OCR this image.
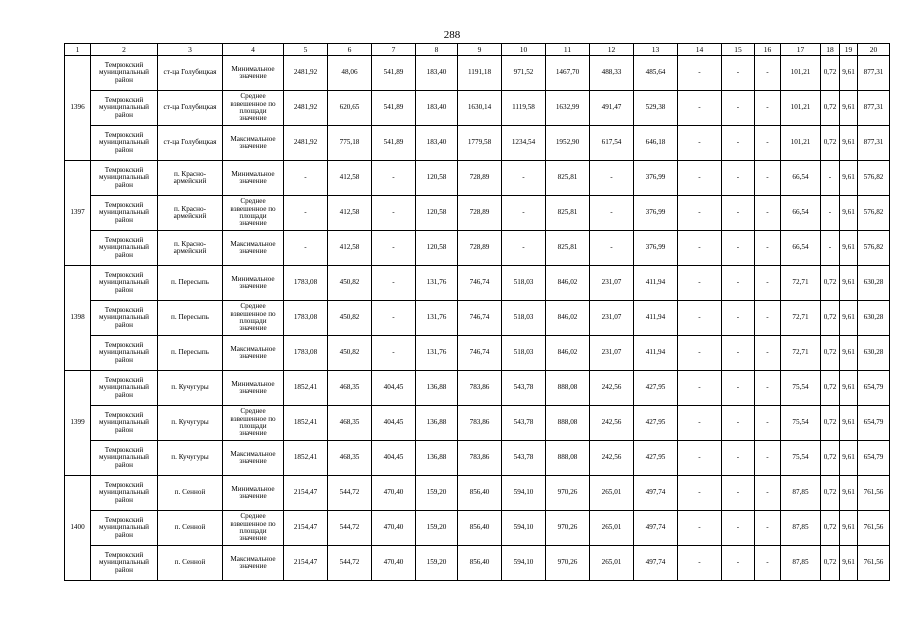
288
1	2	3	4	5	6	7	8	9	10	11	12	13	14	15	16	17	18	19	20
1396	Темрюкский муниципальный район	ст-ца Голубицкая	Минимальное значение	2481,92	48,06	541,89	183,40	1191,18	971,52	1467,70	488,33	485,64	-	-	-	101,21	0,72	9,61	877,31
	Темрюкский муниципальный район	ст-ца Голубицкая	Среднее взвешенное по площади значение	2481,92	620,65	541,89	183,40	1630,14	1119,58	1632,99	491,47	529,38	-	-	-	101,21	0,72	9,61	877,31
	Темрюкский муниципальный район	ст-ца Голубицкая	Максимальное значение	2481,92	775,18	541,89	183,40	1779,58	1234,54	1952,90	617,54	646,18	-	-	-	101,21	0,72	9,61	877,31
1397	Темрюкский муниципальный район	п. Красно-армейский	Минимальное значение	-	412,58	-	120,58	728,89	-	825,81	-	376,99	-	-	-	66,54	-	9,61	576,82
	Темрюкский муниципальный район	п. Красно-армейский	Среднее взвешенное по площади значение	-	412,58	-	120,58	728,89	-	825,81	-	376,99	-	-	-	66,54	-	9,61	576,82
	Темрюкский муниципальный район	п. Красно-армейский	Максимальное значение	-	412,58	-	120,58	728,89	-	825,81	-	376,99	-	-	-	66,54	-	9,61	576,82
1398	Темрюкский муниципальный район	п. Пересыпь	Минимальное значение	1783,08	450,82	-	131,76	746,74	518,03	846,02	231,07	411,94	-	-	-	72,71	0,72	9,61	630,28
	Темрюкский муниципальный район	п. Пересыпь	Среднее взвешенное по площади значение	1783,08	450,82	-	131,76	746,74	518,03	846,02	231,07	411,94	-	-	-	72,71	0,72	9,61	630,28
	Темрюкский муниципальный район	п. Пересыпь	Максимальное значение	1783,08	450,82	-	131,76	746,74	518,03	846,02	231,07	411,94	-	-	-	72,71	0,72	9,61	630,28
1399	Темрюкский муниципальный район	п. Кучугуры	Минимальное значение	1852,41	468,35	404,45	136,88	783,86	543,78	888,08	242,56	427,95	-	-	-	75,54	0,72	9,61	654,79
	Темрюкский муниципальный район	п. Кучугуры	Среднее взвешенное по площади значение	1852,41	468,35	404,45	136,88	783,86	543,78	888,08	242,56	427,95	-	-	-	75,54	0,72	9,61	654,79
	Темрюкский муниципальный район	п. Кучугуры	Максимальное значение	1852,41	468,35	404,45	136,88	783,86	543,78	888,08	242,56	427,95	-	-	-	75,54	0,72	9,61	654,79
1400	Темрюкский муниципальный район	п. Сенной	Минимальное значение	2154,47	544,72	470,40	159,20	856,40	594,10	970,26	265,01	497,74	-	-	-	87,85	0,72	9,61	761,56
	Темрюкский муниципальный район	п. Сенной	Среднее взвешенное по площади значение	2154,47	544,72	470,40	159,20	856,40	594,10	970,26	265,01	497,74	-	-	-	87,85	0,72	9,61	761,56
	Темрюкский муниципальный район	п. Сенной	Максимальное значение	2154,47	544,72	470,40	159,20	856,40	594,10	970,26	265,01	497,74	-	-	-	87,85	0,72	9,61	761,56
